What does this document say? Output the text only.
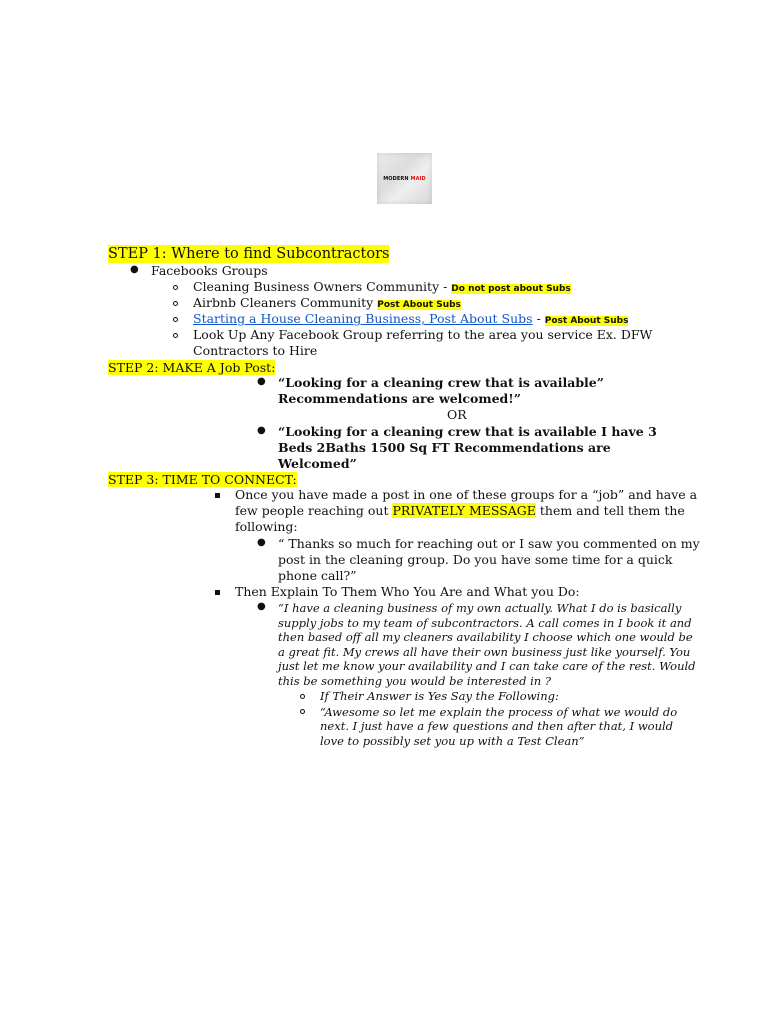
MODERN MAID
STEP 1: Where to find Subcontractors
● Facebooks Groups
Cleaning Business Owners Community - Do not post about Subs
Airbnb Cleaners Community Post About Subs
Starting a House Cleaning Business, Post About Subs - Post About Subs
Look Up Any Facebook Group referring to the area you service Ex. DFW
Contractors to Hire
STEP 2: MAKE A Job Post:
● “Looking for a cleaning crew that is available”
Recommendations are welcomed!”
OR
● “Looking for a cleaning crew that is available I have 3
Beds 2Baths 1500 Sq FT Recommendations are
Welcomed”
STEP 3: TIME TO CONNECT:
Once you have made a post in one of these groups for a “job” and have a
few people reaching out PRIVATELY MESSAGE them and tell them the
following:
● “ Thanks so much for reaching out or I saw you commented on my
post in the cleaning group. Do you have some time for a quick
phone call?”
Then Explain To Them Who You Are and What you Do:
● “I have a cleaning business of my own actually. What I do is basically
supply jobs to my team of subcontractors. A call comes in I book it and
then based off all my cleaners availability I choose which one would be
a great fit. My crews all have their own business just like yourself. You
just let me know your availability and I can take care of the rest. Would
this be something you would be interested in ?
If Their Answer is Yes Say the Following:
“Awesome so let me explain the process of what we would do
next. I just have a few questions and then after that, I would
love to possibly set you up with a Test Clean”
